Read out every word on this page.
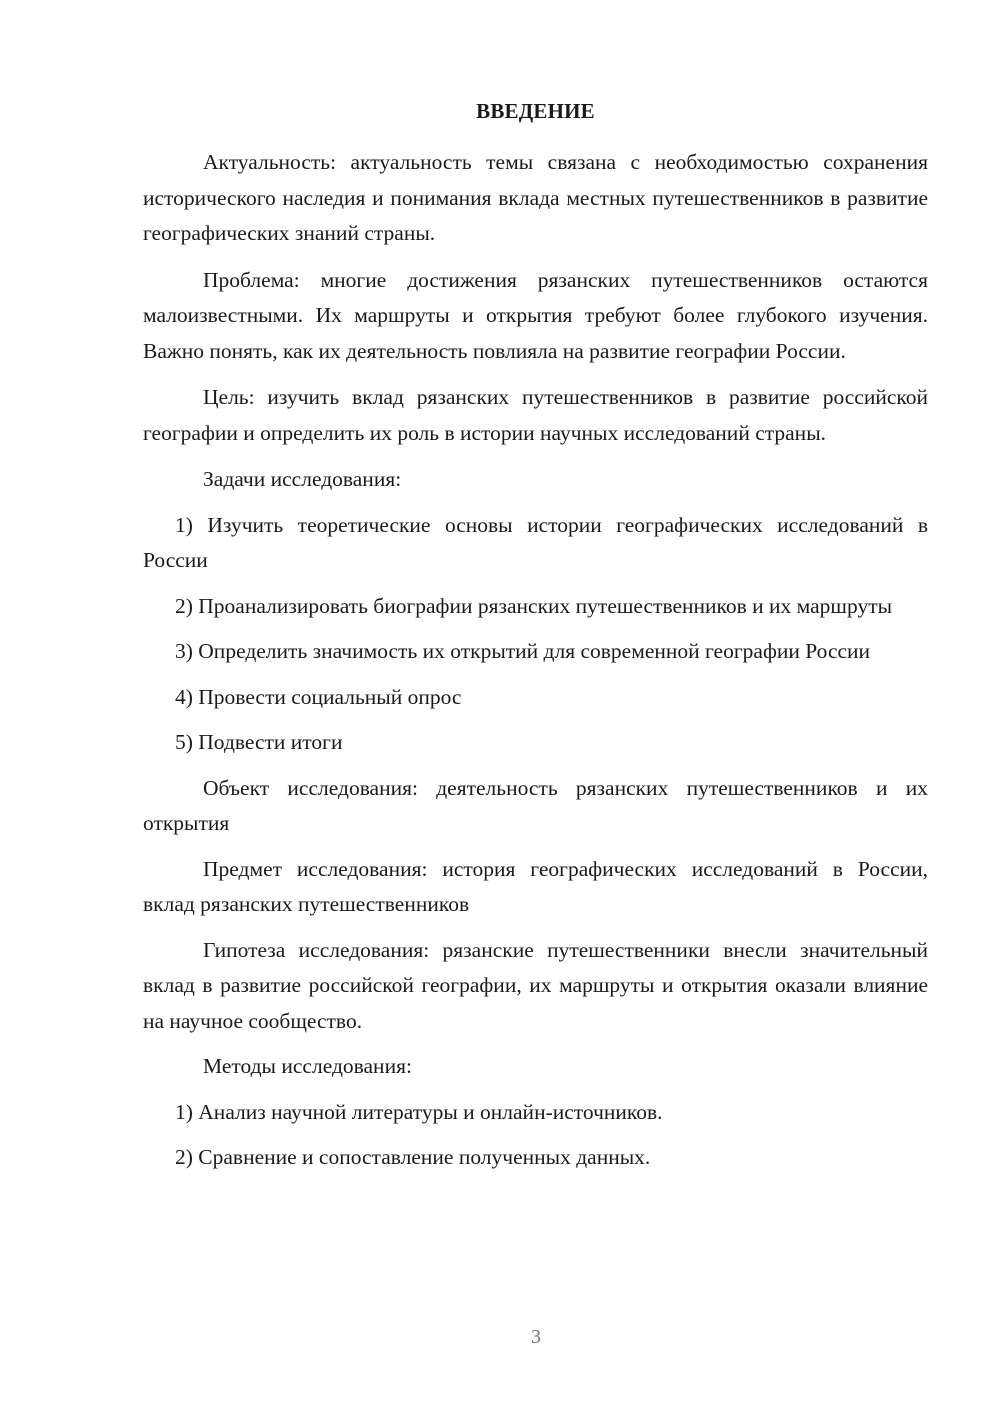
ВВЕДЕНИЕ

Актуальность: актуальность темы связана с необходимостью сохранения исторического наследия и понимания вклада местных путешественников в развитие географических знаний страны.

Проблема: многие достижения рязанских путешественников остаются малоизвестными. Их маршруты и открытия требуют более глубокого изучения. Важно понять, как их деятельность повлияла на развитие географии России.

Цель: изучить вклад рязанских путешественников в развитие российской географии и определить их роль в истории научных исследований страны.

Задачи исследования:

1) Изучить теоретические основы истории географических исследований в России

2) Проанализировать биографии рязанских путешественников и их маршруты

3) Определить значимость их открытий для современной географии России

4) Провести социальный опрос

5) Подвести итоги

Объект исследования: деятельность рязанских путешественников и их открытия

Предмет исследования: история географических исследований в России, вклад рязанских путешественников

Гипотеза исследования: рязанские путешественники внесли значительный вклад в развитие российской географии, их маршруты и открытия оказали влияние на научное сообщество.

Методы исследования:

1) Анализ научной литературы и онлайн-источников.

2) Сравнение и сопоставление полученных данных.

3
